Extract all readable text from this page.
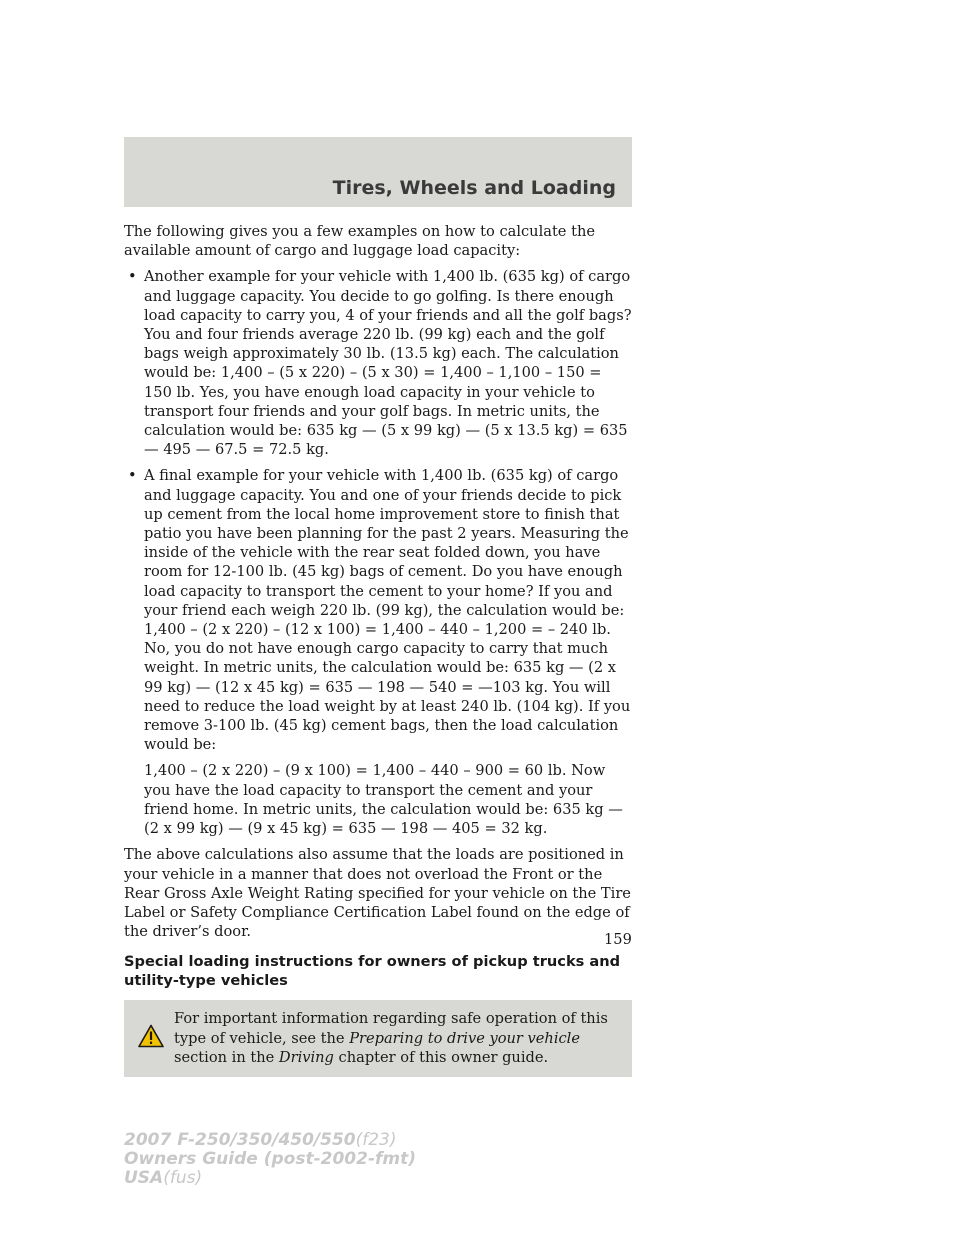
Tires, Wheels and Loading

The following gives you a few examples on how to calculate the available amount of cargo and luggage load capacity:

• Another example for your vehicle with 1,400 lb. (635 kg) of cargo and luggage capacity. You decide to go golfing. Is there enough load capacity to carry you, 4 of your friends and all the golf bags? You and four friends average 220 lb. (99 kg) each and the golf bags weigh approximately 30 lb. (13.5 kg) each. The calculation would be: 1,400 – (5 x 220) – (5 x 30) = 1,400 – 1,100 – 150 = 150 lb. Yes, you have enough load capacity in your vehicle to transport four friends and your golf bags. In metric units, the calculation would be: 635 kg — (5 x 99 kg) — (5 x 13.5 kg) = 635 — 495 — 67.5 = 72.5 kg.
• A final example for your vehicle with 1,400 lb. (635 kg) of cargo and luggage capacity. You and one of your friends decide to pick up cement from the local home improvement store to finish that patio you have been planning for the past 2 years. Measuring the inside of the vehicle with the rear seat folded down, you have room for 12-100 lb. (45 kg) bags of cement. Do you have enough load capacity to transport the cement to your home? If you and your friend each weigh 220 lb. (99 kg), the calculation would be: 1,400 – (2 x 220) – (12 x 100) = 1,400 – 440 – 1,200 = – 240 lb. No, you do not have enough cargo capacity to carry that much weight. In metric units, the calculation would be: 635 kg — (2 x 99 kg) — (12 x 45 kg) = 635 — 198 — 540 = —103 kg. You will need to reduce the load weight by at least 240 lb. (104 kg). If you remove 3-100 lb. (45 kg) cement bags, then the load calculation would be:

1,400 – (2 x 220) – (9 x 100) = 1,400 – 440 – 900 = 60 lb. Now you have the load capacity to transport the cement and your friend home. In metric units, the calculation would be: 635 kg — (2 x 99 kg) — (9 x 45 kg) = 635 — 198 — 405 = 32 kg.

The above calculations also assume that the loads are positioned in your vehicle in a manner that does not overload the Front or the Rear Gross Axle Weight Rating specified for your vehicle on the Tire Label or Safety Compliance Certification Label found on the edge of the driver’s door.

Special loading instructions for owners of pickup trucks and utility-type vehicles

For important information regarding safe operation of this type of vehicle, see the Preparing to drive your vehicle section in the Driving chapter of this owner guide.

159
2007 F-250/350/450/550(f23)
Owners Guide (post-2002-fmt)
USA(fus)
